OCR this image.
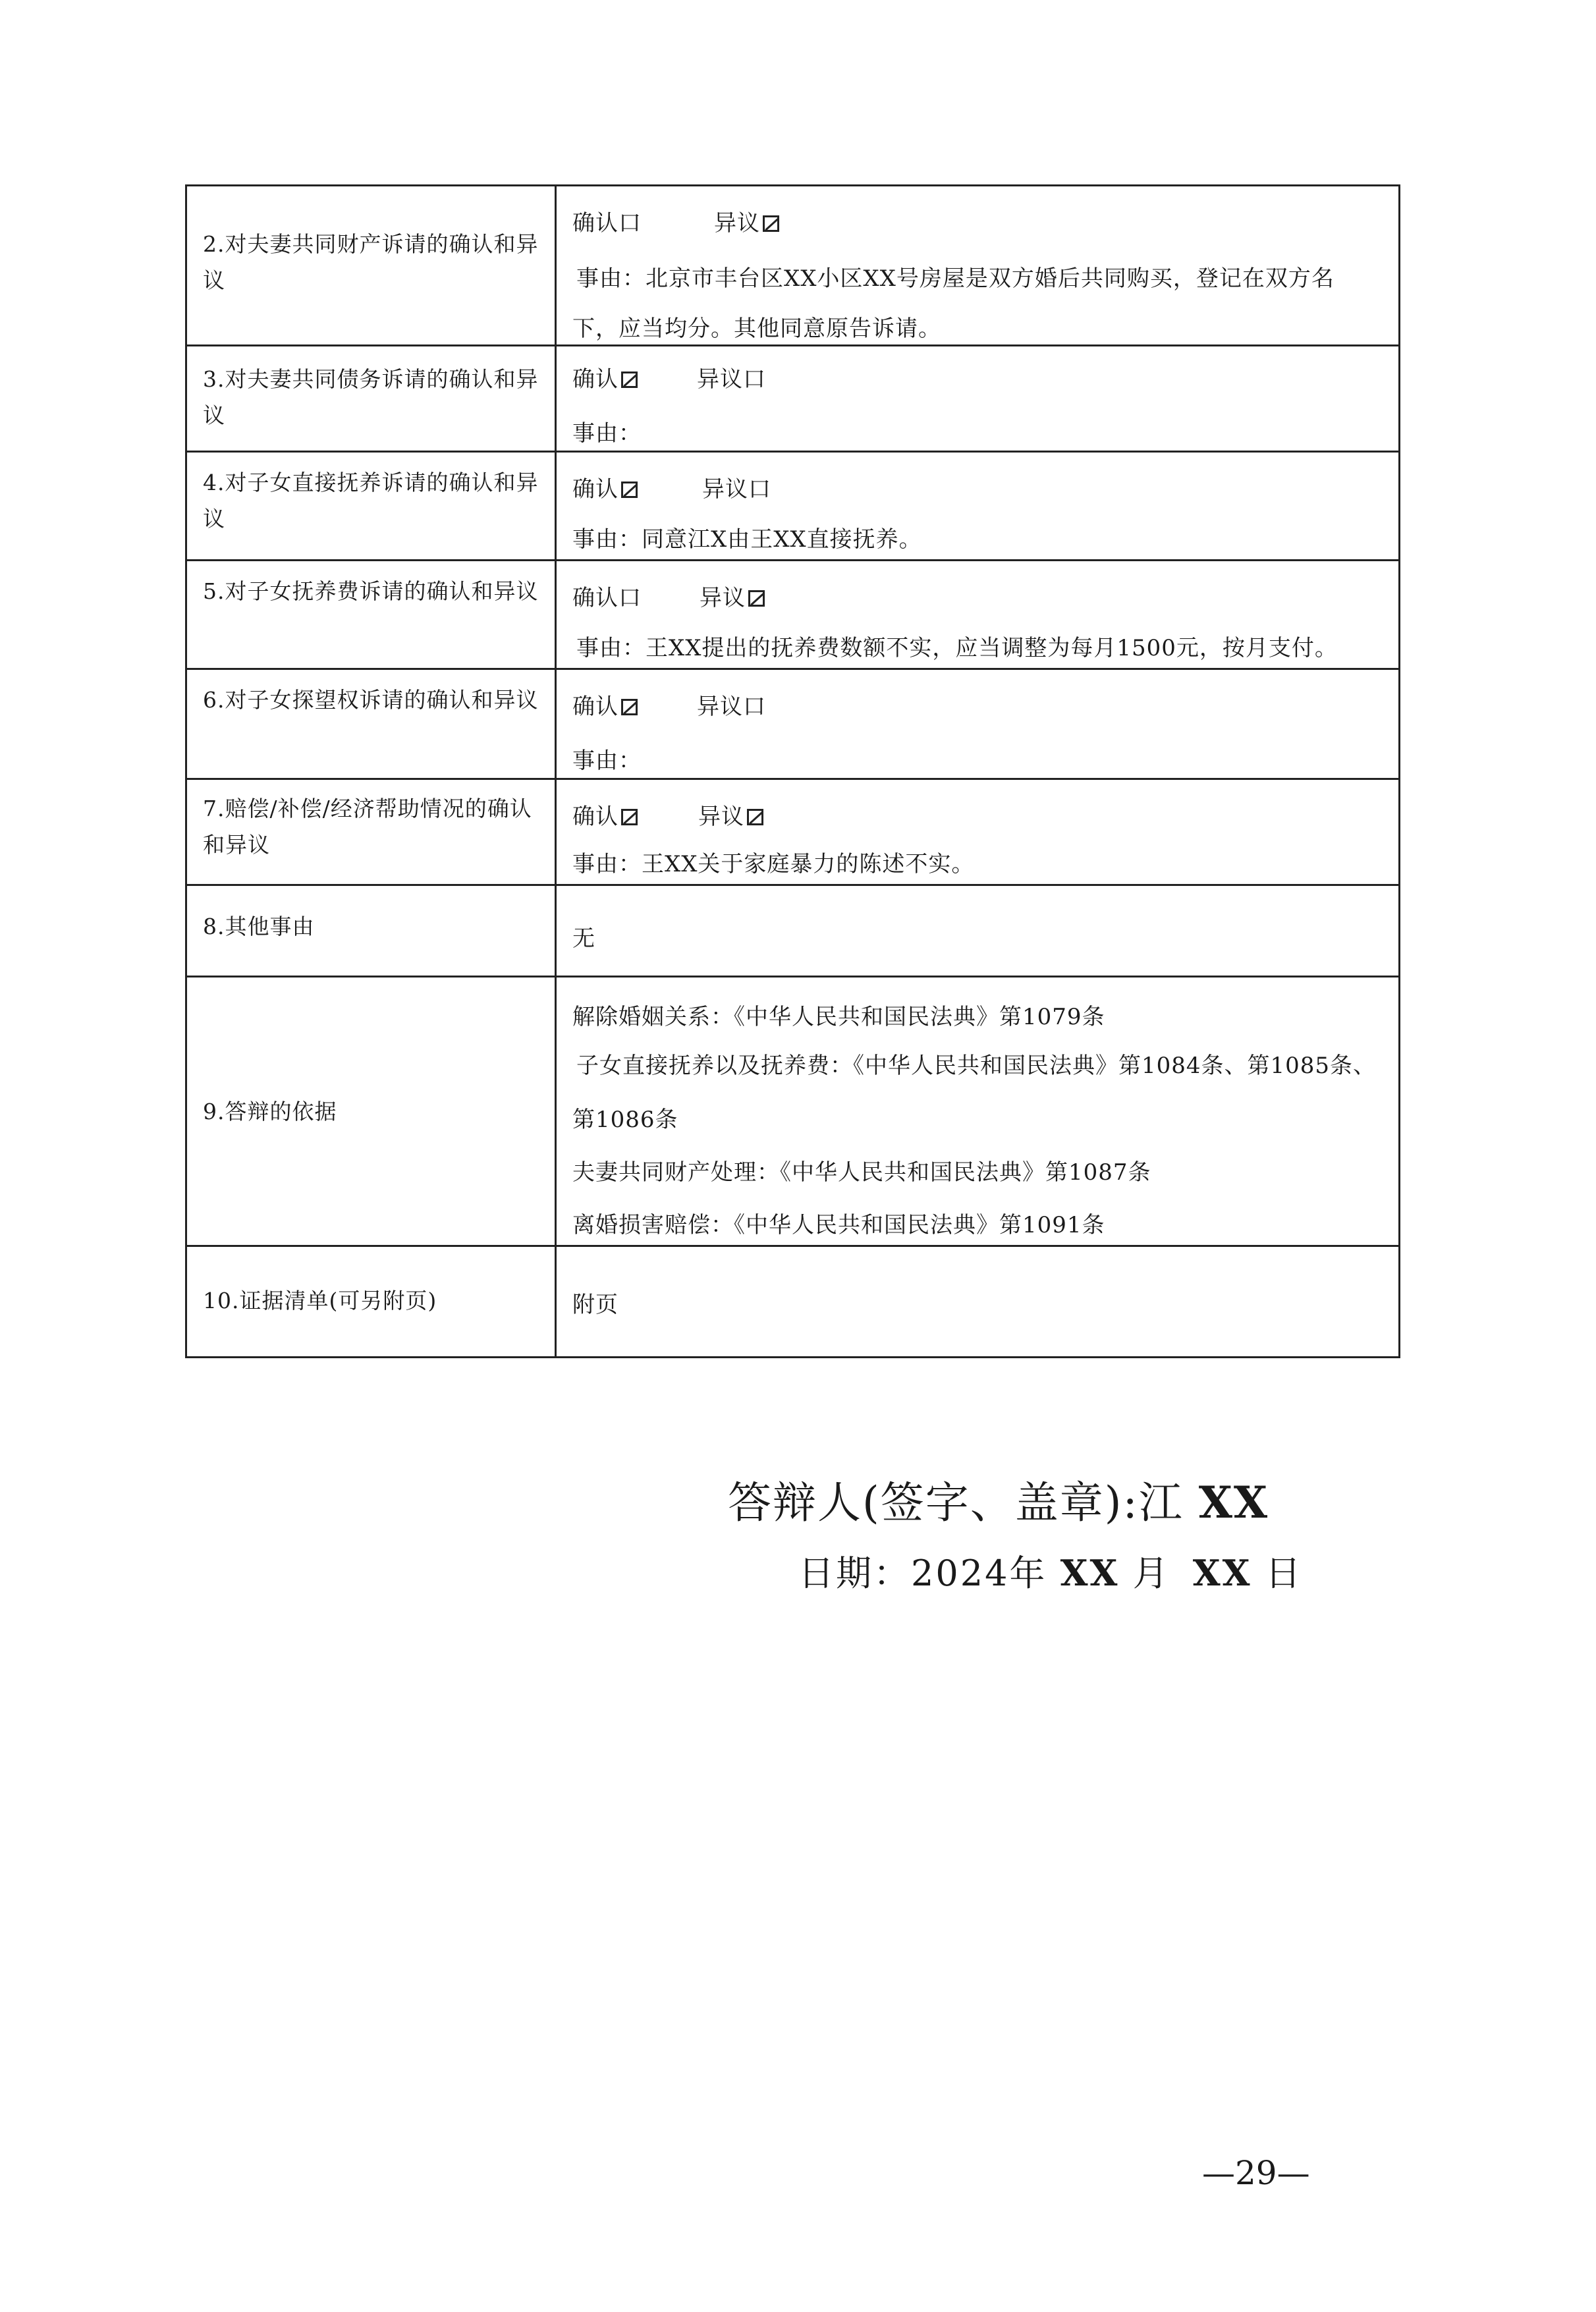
2.对夫妻共同财产诉请的确认和异议	确认口 异议
事由：北京市丰台区XX小区XX号房屋是双方婚后共同购买，登记在双方名
下，应当均分。其他同意原告诉请。

3.对夫妻共同债务诉请的确认和异议	确认 异议口
事由：

4.对子女直接抚养诉请的确认和异议	确认 异议口
事由：同意江X由王XX直接抚养。

5.对子女抚养费诉请的确认和异议	确认口 异议
事由：王XX提出的抚养费数额不实，应当调整为每月1500元，按月支付。

6.对子女探望权诉请的确认和异议	确认 异议口
事由：

7.赔偿/补偿/经济帮助情况的确认和异议	确认 异议
事由：王XX关于家庭暴力的陈述不实。

8.其他事由	无

9.答辩的依据	解除婚姻关系：《中华人民共和国民法典》第1079条
子女直接抚养以及抚养费：《中华人民共和国民法典》第1084条、第1085条、
第1086条
夫妻共同财产处理：《中华人民共和国民法典》第1087条
离婚损害赔偿：《中华人民共和国民法典》第1091条

10.证据清单(可另附页)	附页
答辩人(签字、盖章):江 XX
日期：2024年 XX 月 XX 日
—29—
